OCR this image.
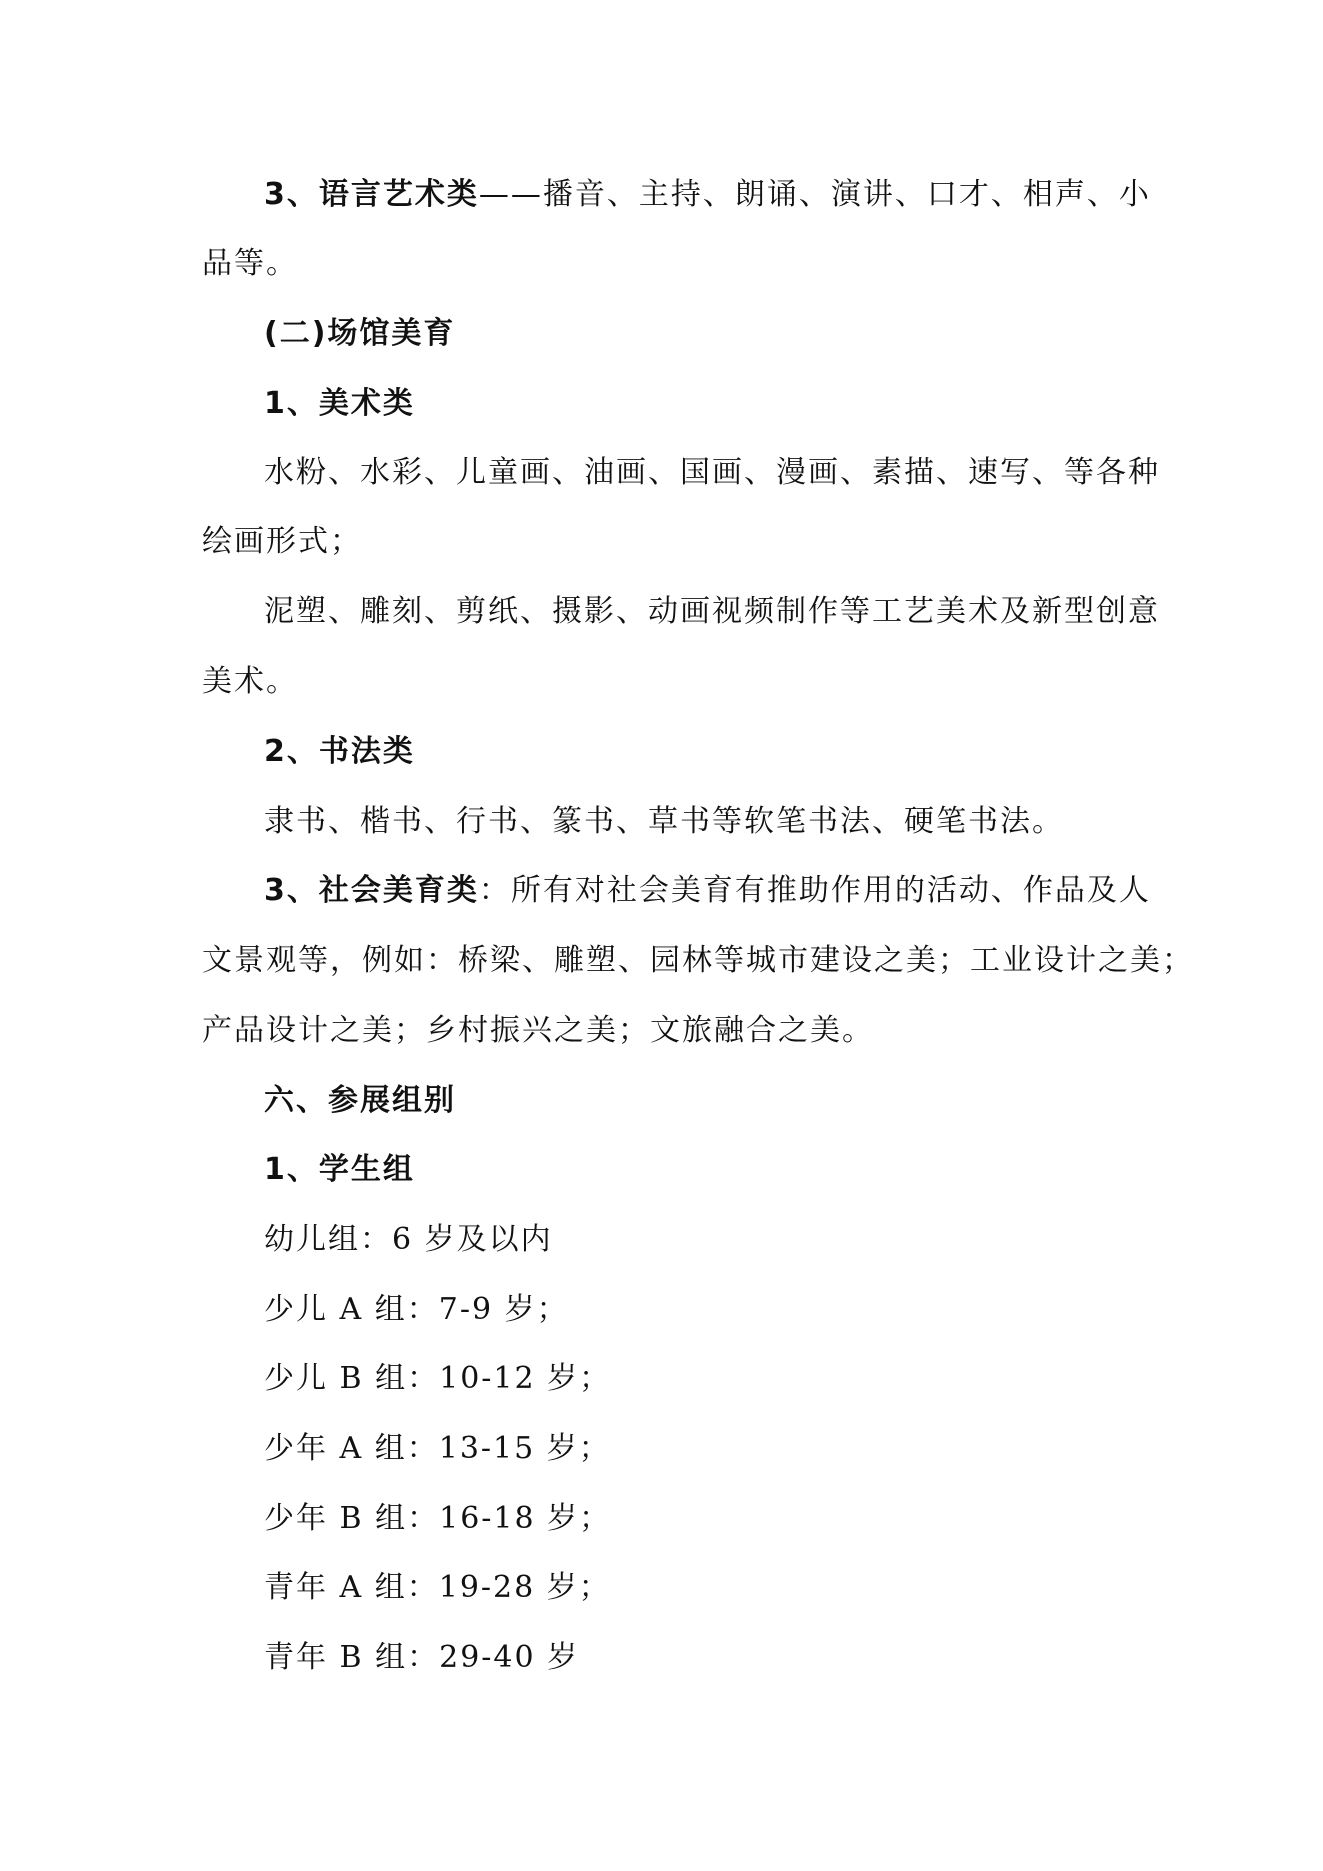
3、语言艺术类——播音、主持、朗诵、演讲、口才、相声、小
品等。
(二)场馆美育
1、美术类
水粉、水彩、儿童画、油画、国画、漫画、素描、速写、等各种
绘画形式；
泥塑、雕刻、剪纸、摄影、动画视频制作等工艺美术及新型创意
美术。
2、书法类
隶书、楷书、行书、篆书、草书等软笔书法、硬笔书法。
3、社会美育类：所有对社会美育有推助作用的活动、作品及人
文景观等，例如：桥梁、雕塑、园林等城市建设之美；工业设计之美；
产品设计之美；乡村振兴之美；文旅融合之美。
六、参展组别
1、学生组
幼儿组：6 岁及以内
少儿 A 组：7-9 岁；
少儿 B 组：10-12 岁；
少年 A 组：13-15 岁；
少年 B 组：16-18 岁；
青年 A 组：19-28 岁；
青年 B 组：29-40 岁
